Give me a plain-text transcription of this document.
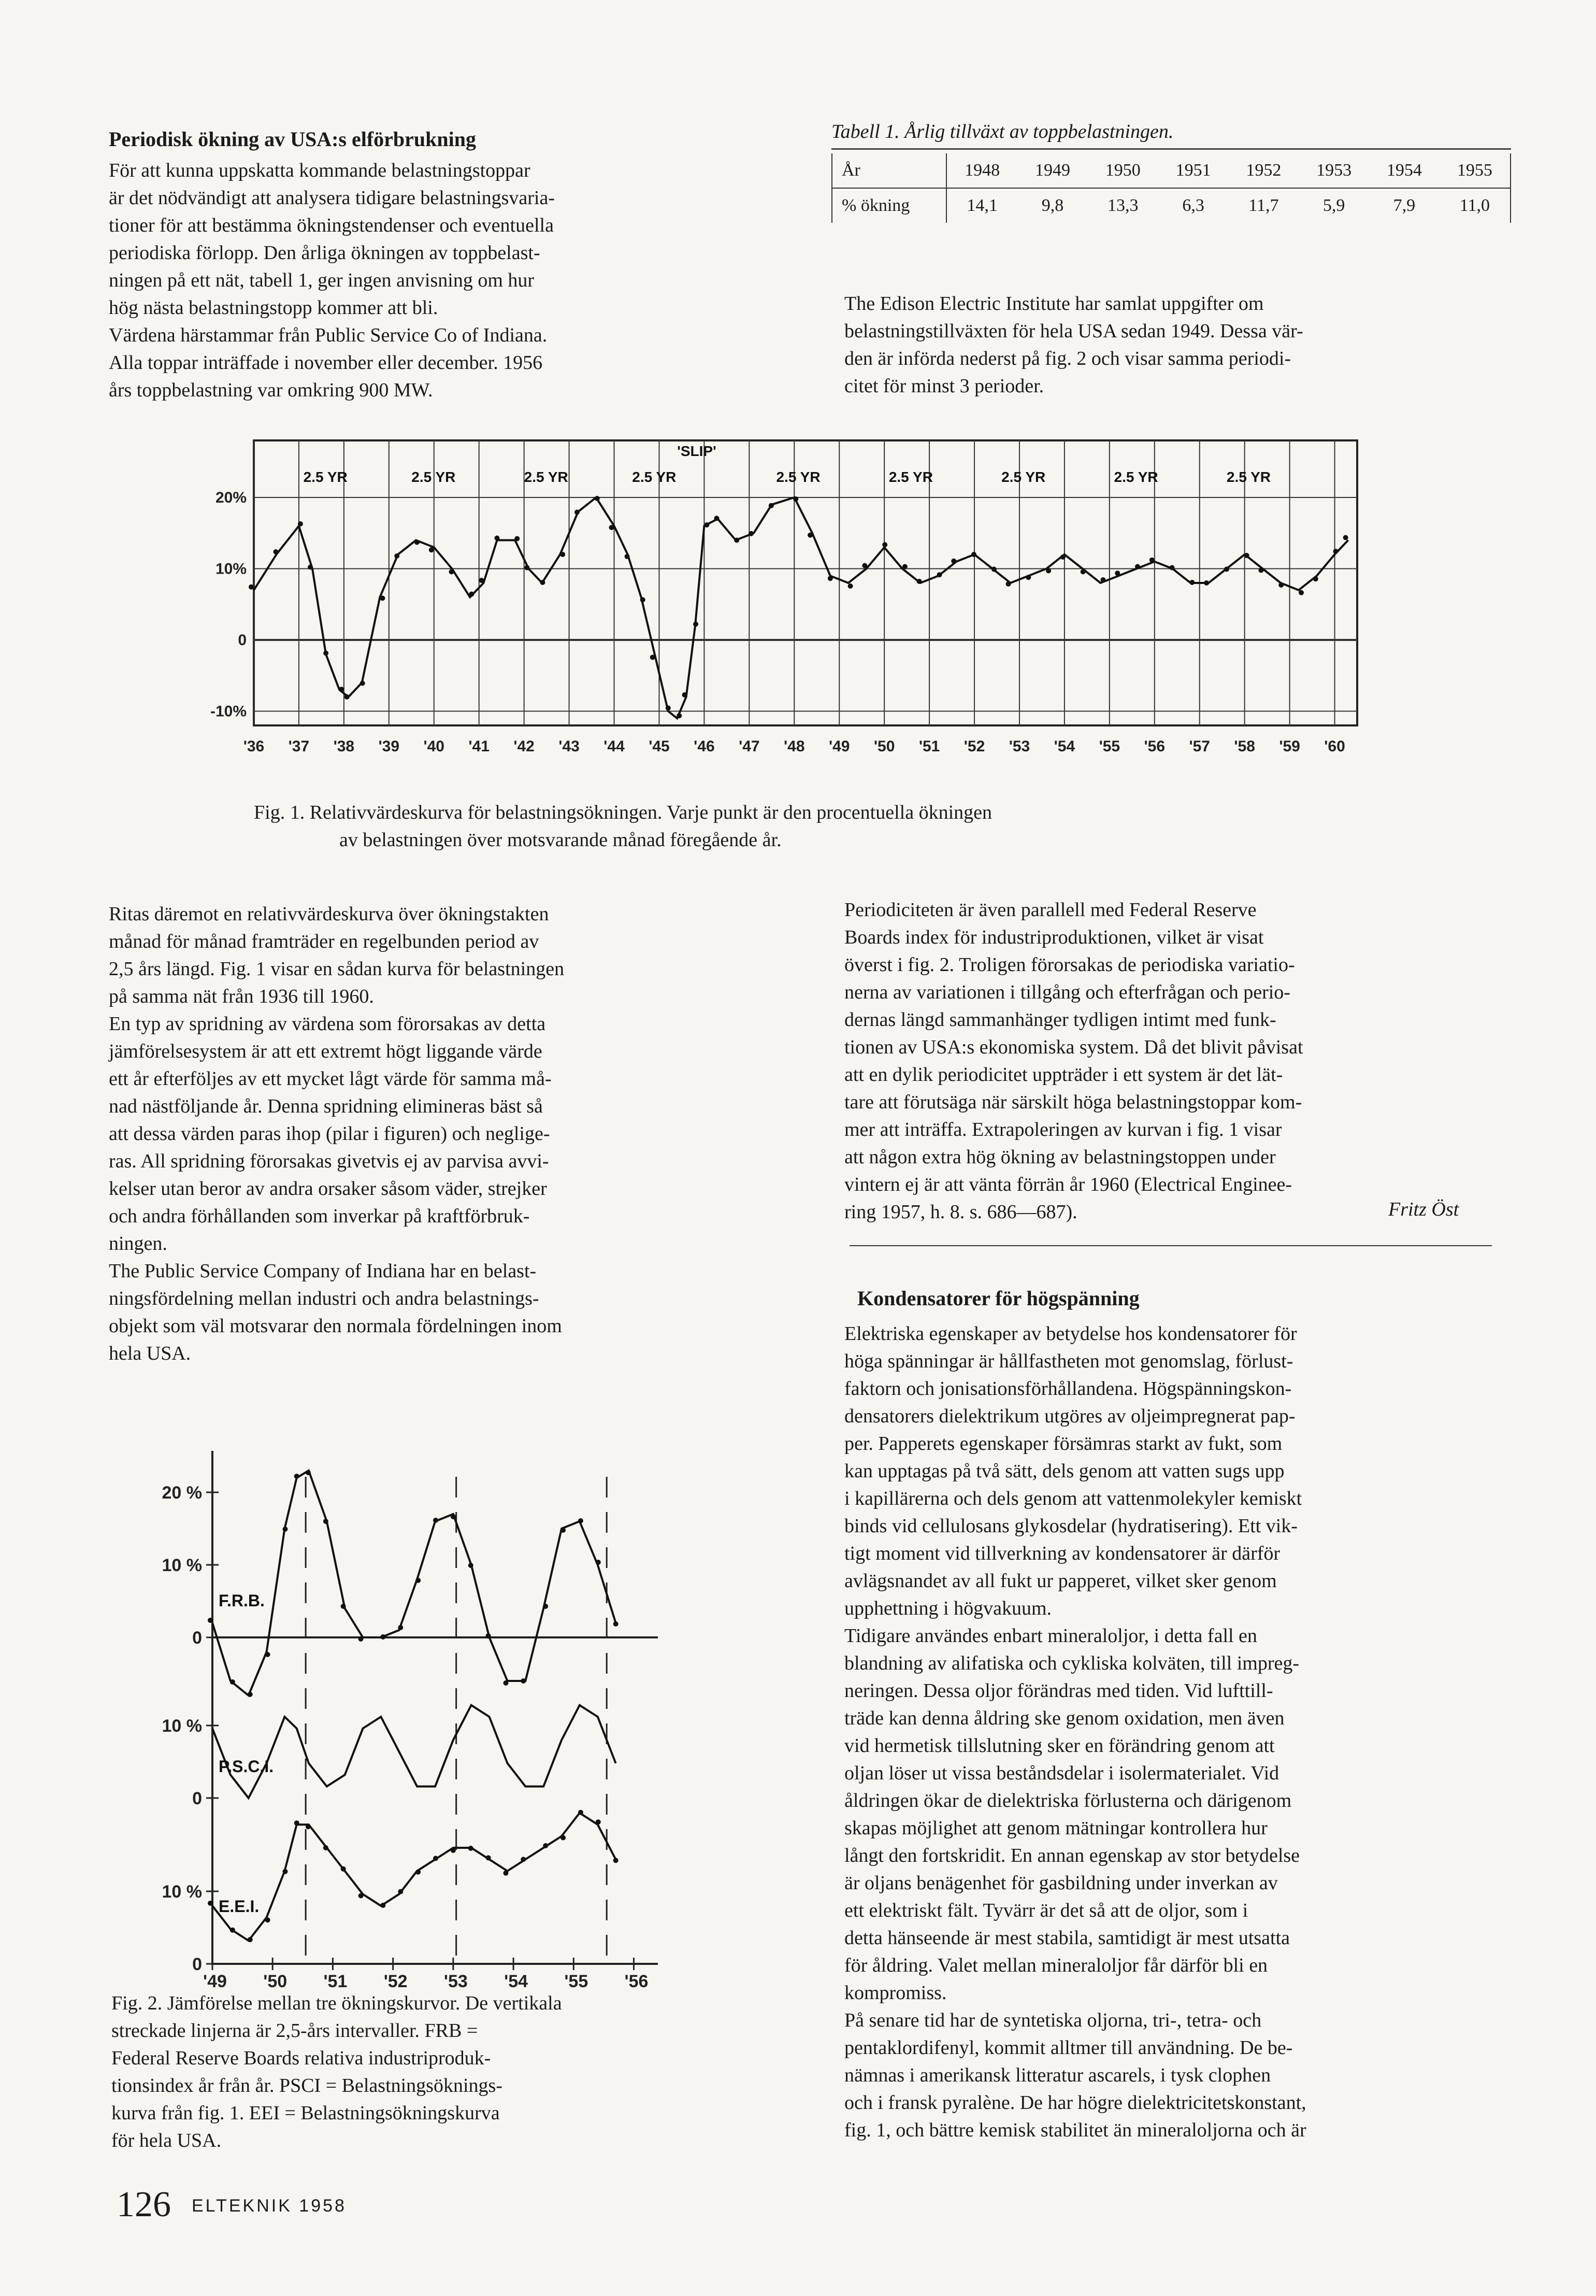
Periodisk ökning av USA:s elförbrukning
För att kunna uppskatta kommande belastningstoppar
är det nödvändigt att analysera tidigare belastningsvaria-
tioner för att bestämma ökningstendenser och eventuella
periodiska förlopp. Den årliga ökningen av toppbelast-
ningen på ett nät, tabell 1, ger ingen anvisning om hur
hög nästa belastningstopp kommer att bli.
Värdena härstammar från Public Service Co of Indiana.
Alla toppar inträffade i november eller december. 1956
års toppbelastning var omkring 900 MW.
Tabell 1. Årlig tillväxt av toppbelastningen.
År	1948	1949	1950	1951	1952	1953	1954	1955
% ökning	14,1	9,8	13,3	6,3	11,7	5,9	7,9	11,0
The Edison Electric Institute har samlat uppgifter om
belastningstillväxten för hela USA sedan 1949. Dessa vär-
den är införda nederst på fig. 2 och visar samma periodi-
citet för minst 3 perioder.
'36 '37 '38 '39 '40 '41 '42 '43 '44 '45 '46 '47 '48 '49 '50 '51 '52 '53 '54 '55 '56 '57 '58 '59 '60
20%
10%
0
-10%
2.5 YR	2.5 YR	2.5 YR	2.5 YR	2.5 YR	2.5 YR	2.5 YR	2.5 YR	2.5 YR
'SLIP'
Fig. 1. Relativvärdeskurva för belastningsökningen. Varje punkt är den procentuella ökningen
av belastningen över motsvarande månad föregående år.
Ritas däremot en relativvärdeskurva över ökningstakten
månad för månad framträder en regelbunden period av
2,5 års längd. Fig. 1 visar en sådan kurva för belastningen
på samma nät från 1936 till 1960.
En typ av spridning av värdena som förorsakas av detta
jämförelsesystem är att ett extremt högt liggande värde
ett år efterföljes av ett mycket lågt värde för samma må-
nad nästföljande år. Denna spridning elimineras bäst så
att dessa värden paras ihop (pilar i figuren) och neglige-
ras. All spridning förorsakas givetvis ej av parvisa avvi-
kelser utan beror av andra orsaker såsom väder, strejker
och andra förhållanden som inverkar på kraftförbruk-
ningen.
The Public Service Company of Indiana har en belast-
ningsfördelning mellan industri och andra belastnings-
objekt som väl motsvarar den normala fördelningen inom
hela USA.
Periodiciteten är även parallell med Federal Reserve
Boards index för industriproduktionen, vilket är visat
överst i fig. 2. Troligen förorsakas de periodiska variatio-
nerna av variationen i tillgång och efterfrågan och perio-
dernas längd sammanhänger tydligen intimt med funk-
tionen av USA:s ekonomiska system. Då det blivit påvisat
att en dylik periodicitet uppträder i ett system är det lät-
tare att förutsäga när särskilt höga belastningstoppar kom-
mer att inträffa. Extrapoleringen av kurvan i fig. 1 visar
att någon extra hög ökning av belastningstoppen under
vintern ej är att vänta förrän år 1960 (Electrical Enginee-
ring 1957, h. 8. s. 686—687).	Fritz Öst
Kondensatorer för högspänning
Elektriska egenskaper av betydelse hos kondensatorer för
höga spänningar är hållfastheten mot genomslag, förlust-
faktorn och jonisationsförhållandena. Högspänningskon-
densatorers dielektrikum utgöres av oljeimpregnerat pap-
per. Papperets egenskaper försämras starkt av fukt, som
kan upptagas på två sätt, dels genom att vatten sugs upp
i kapillärerna och dels genom att vattenmolekyler kemiskt
binds vid cellulosans glykosdelar (hydratisering). Ett vik-
tigt moment vid tillverkning av kondensatorer är därför
avlägsnandet av all fukt ur papperet, vilket sker genom
upphettning i högvakuum.
Tidigare användes enbart mineraloljor, i detta fall en
blandning av alifatiska och cykliska kolväten, till impreg-
neringen. Dessa oljor förändras med tiden. Vid lufttill-
träde kan denna åldring ske genom oxidation, men även
vid hermetisk tillslutning sker en förändring genom att
oljan löser ut vissa beståndsdelar i isolermaterialet. Vid
åldringen ökar de dielektriska förlusterna och därigenom
skapas möjlighet att genom mätningar kontrollera hur
långt den fortskridit. En annan egenskap av stor betydelse
är oljans benägenhet för gasbildning under inverkan av
ett elektriskt fält. Tyvärr är det så att de oljor, som i
detta hänseende är mest stabila, samtidigt är mest utsatta
för åldring. Valet mellan mineraloljor får därför bli en
kompromiss.
På senare tid har de syntetiska oljorna, tri-, tetra- och
pentaklordifenyl, kommit alltmer till användning. De be-
nämnas i amerikansk litteratur ascarels, i tysk clophen
och i fransk pyralène. De har högre dielektricitetskonstant,
fig. 1, och bättre kemisk stabilitet än mineraloljorna och är
20 %
10 %
0
10 %
0
10 %
0
F.R.B.
P.S.C.I.
E.E.I.
'49 '50 '51 '52 '53 '54 '55 '56
Fig. 2. Jämförelse mellan tre ökningskurvor. De vertikala
streckade linjerna är 2,5-års intervaller. FRB =
Federal Reserve Boards relativa industriproduk-
tionsindex år från år. PSCI = Belastningsöknings-
kurva från fig. 1. EEI = Belastningsökningskurva
för hela USA.
126 ELTEKNIK 1958
